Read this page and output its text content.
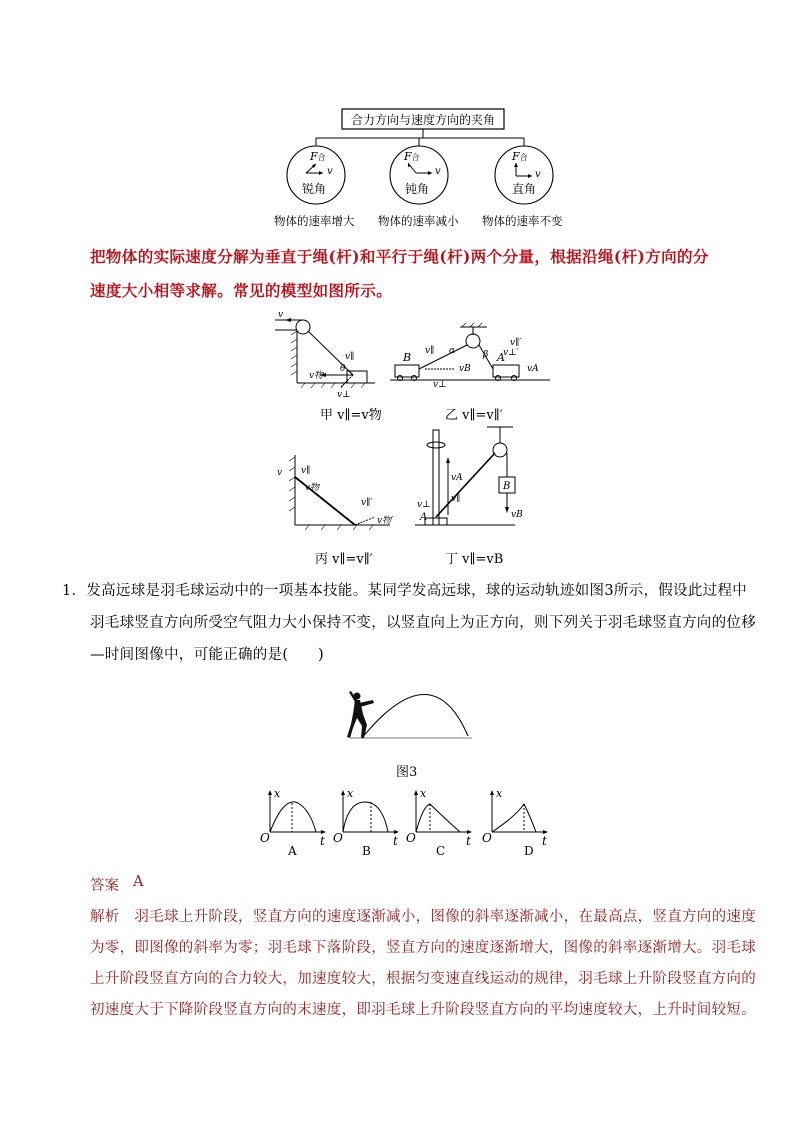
合力方向与速度方向的夹角
F合
v
锐角
物体的速率增大
F合
v
钝角
物体的速率减小
F合
v
直角
物体的速率不变
把物体的实际速度分解为垂直于绳(杆)和平行于绳(杆)两个分量，根据沿绳(杆)方向的分
速度大小相等求解。常见的模型如图所示。
v
v∥
v物
θ
v⊥
B	A
α	β
vB	vA
v∥
v∥′
v⊥′
v⊥
v v∥
v物
v∥′
v物′
B
vB
vA
v⊥
v∥
A
甲 v∥=v物	乙 v∥=v∥′
丙 v∥=v∥′	丁 v∥=vB
1．发高远球是羽毛球运动中的一项基本技能。某同学发高远球，球的运动轨迹如图3所示，假设此过程中
羽毛球竖直方向所受空气阻力大小保持不变，以竖直向上为正方向，则下列关于羽毛球竖直方向的位移
—时间图像中，可能正确的是(　　)
图3
x
O	t
A
x
O	t
B
x
O	t
C
x
O	t
D
答案 A
解析　羽毛球上升阶段，竖直方向的速度逐渐减小，图像的斜率逐渐减小，在最高点，竖直方向的速度
为零，即图像的斜率为零；羽毛球下落阶段，竖直方向的速度逐渐增大，图像的斜率逐渐增大。羽毛球
上升阶段竖直方向的合力较大，加速度较大，根据匀变速直线运动的规律，羽毛球上升阶段竖直方向的
初速度大于下降阶段竖直方向的末速度，即羽毛球上升阶段竖直方向的平均速度较大，上升时间较短。
